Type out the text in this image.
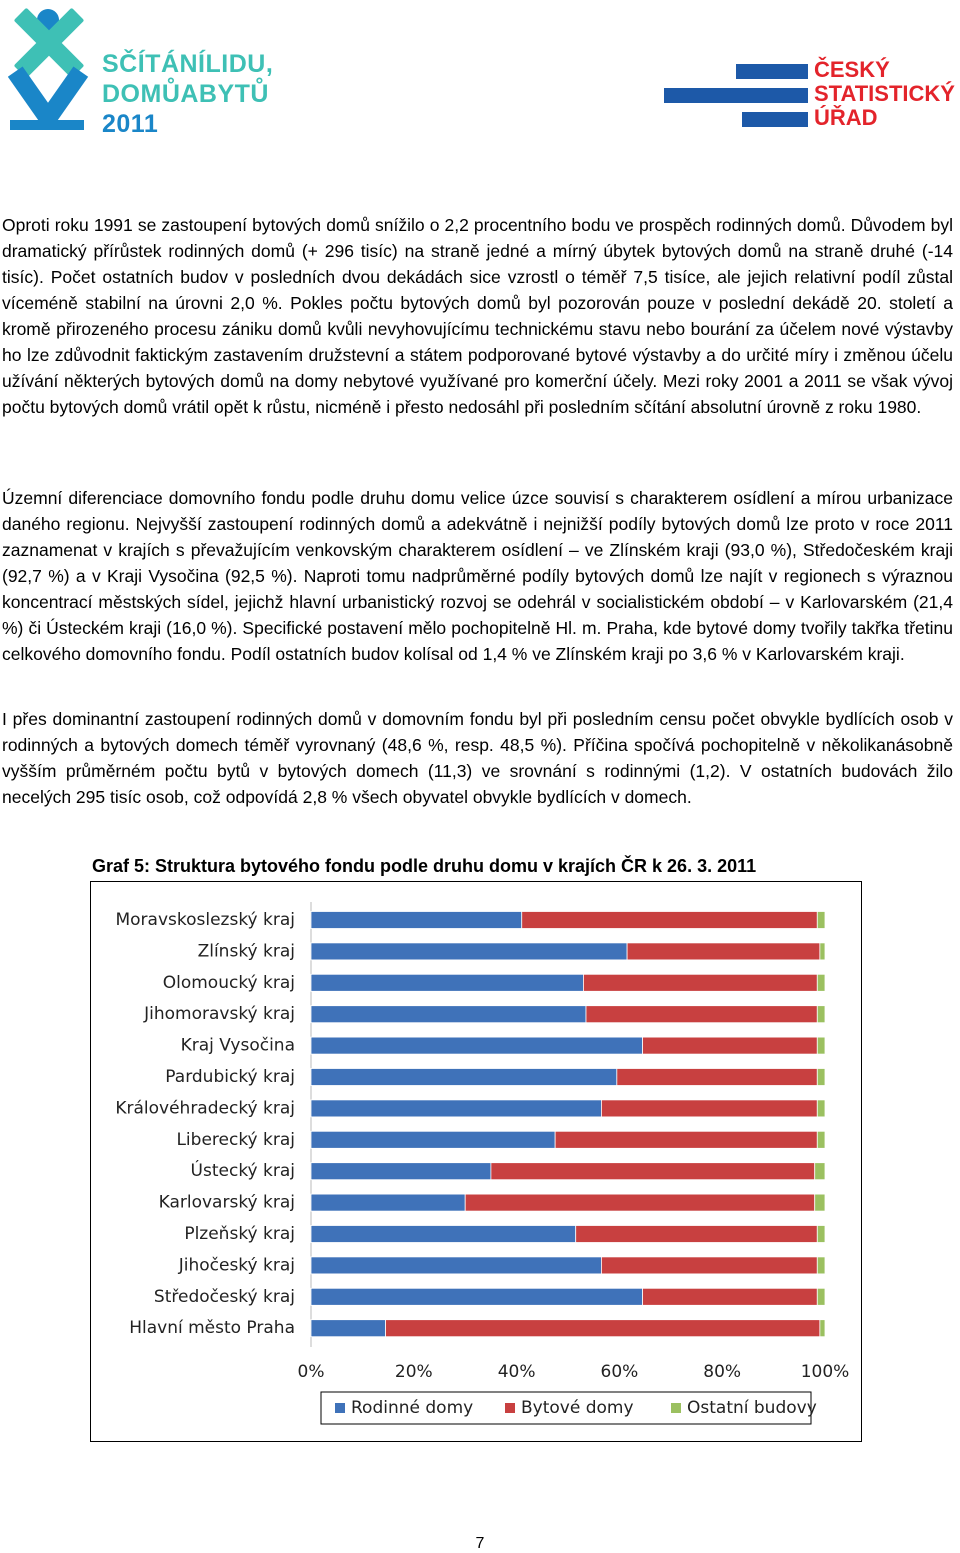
SČÍTÁNÍLIDU,
DOMŮABYTŮ
2011
ČESKÝ
STATISTICKÝ
ÚŘAD

Oproti roku 1991 se zastoupení bytových domů snížilo o 2,2 procentního bodu ve prospěch rodinných domů. Důvodem byl dramatický přírůstek rodinných domů (+ 296 tisíc) na straně jedné a mírný úbytek bytových domů na straně druhé (-14 tisíc). Počet ostatních budov v posledních dvou dekádách sice vzrostl o téměř 7,5 tisíce, ale jejich relativní podíl zůstal víceméně stabilní na úrovni 2,0 %. Pokles počtu bytových domů byl pozorován pouze v poslední dekádě 20. století a kromě přirozeného procesu zániku domů kvůli nevyhovujícímu technickému stavu nebo bourání za účelem nové výstavby ho lze zdůvodnit faktickým zastavením družstevní a státem podporované bytové výstavby a do určité míry i změnou účelu užívání některých bytových domů na domy nebytové využívané pro komerční účely. Mezi roky 2001 a 2011 se však vývoj počtu bytových domů vrátil opět k růstu, nicméně i přesto nedosáhl při posledním sčítání absolutní úrovně z roku 1980.

Územní diferenciace domovního fondu podle druhu domu velice úzce souvisí s charakterem osídlení a mírou urbanizace daného regionu. Nejvyšší zastoupení rodinných domů a adekvátně i nejnižší podíly bytových domů lze proto v roce 2011 zaznamenat v krajích s převažujícím venkovským charakterem osídlení – ve Zlínském kraji (93,0 %), Středočeském kraji (92,7 %) a v Kraji Vysočina (92,5 %). Naproti tomu nadprůměrné podíly bytových domů lze najít v regionech s výraznou koncentrací městských sídel, jejichž hlavní urbanistický rozvoj se odehrál v socialistickém období – v Karlovarském (21,4 %) či Ústeckém kraji (16,0 %). Specifické postavení mělo pochopitelně Hl. m. Praha, kde bytové domy tvořily takřka třetinu celkového domovního fondu. Podíl ostatních budov kolísal od 1,4 % ve Zlínském kraji po 3,6 % v Karlovarském kraji.

I přes dominantní zastoupení rodinných domů v domovním fondu byl při posledním censu počet obvykle bydlících osob v rodinných a bytových domech téměř vyrovnaný (48,6 %, resp. 48,5 %). Příčina spočívá pochopitelně v několikanásobně vyšším průměrném počtu bytů v bytových domech (11,3) ve srovnání s rodinnými (1,2). V ostatních budovách žilo necelých 295 tisíc osob, což odpovídá 2,8 % všech obyvatel obvykle bydlících v domech.

Graf 5: Struktura bytového fondu podle druhu domu v krajích ČR k 26. 3. 2011

Moravskoslezský kraj
Zlínský kraj
Olomoucký kraj
Jihomoravský kraj
Kraj Vysočina
Pardubický kraj
Královéhradecký kraj
Liberecký kraj
Ústecký kraj
Karlovarský kraj
Plzeňský kraj
Jihočeský kraj
Středočeský kraj
Hlavní město Praha
0%	20%	40%	60%	80%	100%
Rodinné domy	Bytové domy	Ostatní budovy
7
